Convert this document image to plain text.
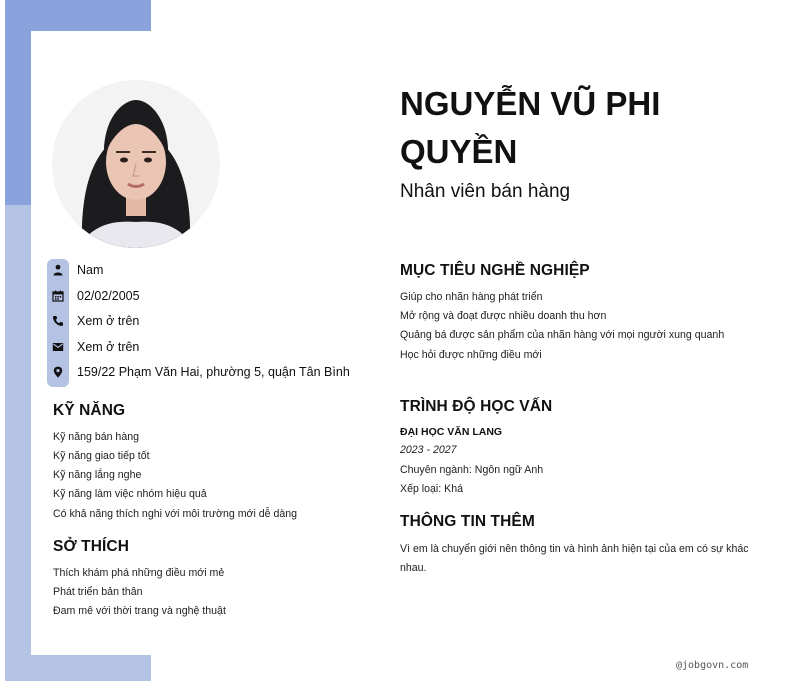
Nam
02/02/2005
Xem ở trên
Xem ở trên
159/22 Phạm Văn Hai, phường 5, quận Tân Bình
KỸ NĂNG
Kỹ năng bán hàng
Kỹ năng giao tiếp tốt
Kỹ năng lắng nghe
Kỹ năng làm việc nhóm hiệu quả
Có khả năng thích nghi với môi trường mới dễ dàng
SỞ THÍCH
Thích khám phá những điều mới mẻ
Phát triển bản thân
Đam mê với thời trang và nghệ thuật
NGUYỄN VŨ PHI QUYỀN
Nhân viên bán hàng
MỤC TIÊU NGHỀ NGHIỆP
Giúp cho nhãn hàng phát triển
Mở rộng và đoạt được nhiều doanh thu hơn
Quảng bá được sản phẩm của nhãn hàng với mọi người xung quanh
Học hỏi được những điều mới
TRÌNH ĐỘ HỌC VẤN
ĐẠI HỌC VĂN LANG
2023 - 2027
Chuyên ngành: Ngôn ngữ Anh
Xếp loại: Khá
THÔNG TIN THÊM
Vì em là chuyển giới nên thông tin và hình ảnh hiện tại của em có sự khác nhau.
@jobgovn.com
